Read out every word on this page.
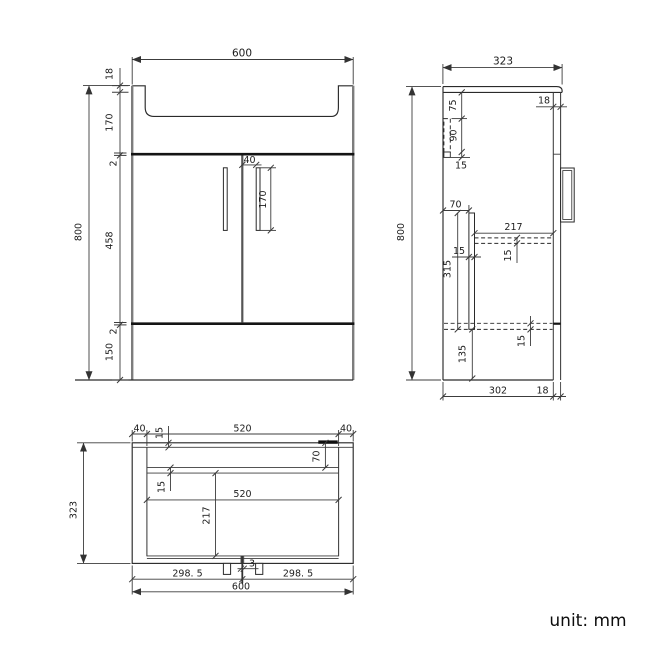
600
800
18
170
2
458
2
150
40
170
323
800
75
90
15
18
70
217
15
15
315
15
135
302	18
40	520	40
15
15
70
520
217
3
298. 5	298. 5
600
323
unit: mm
